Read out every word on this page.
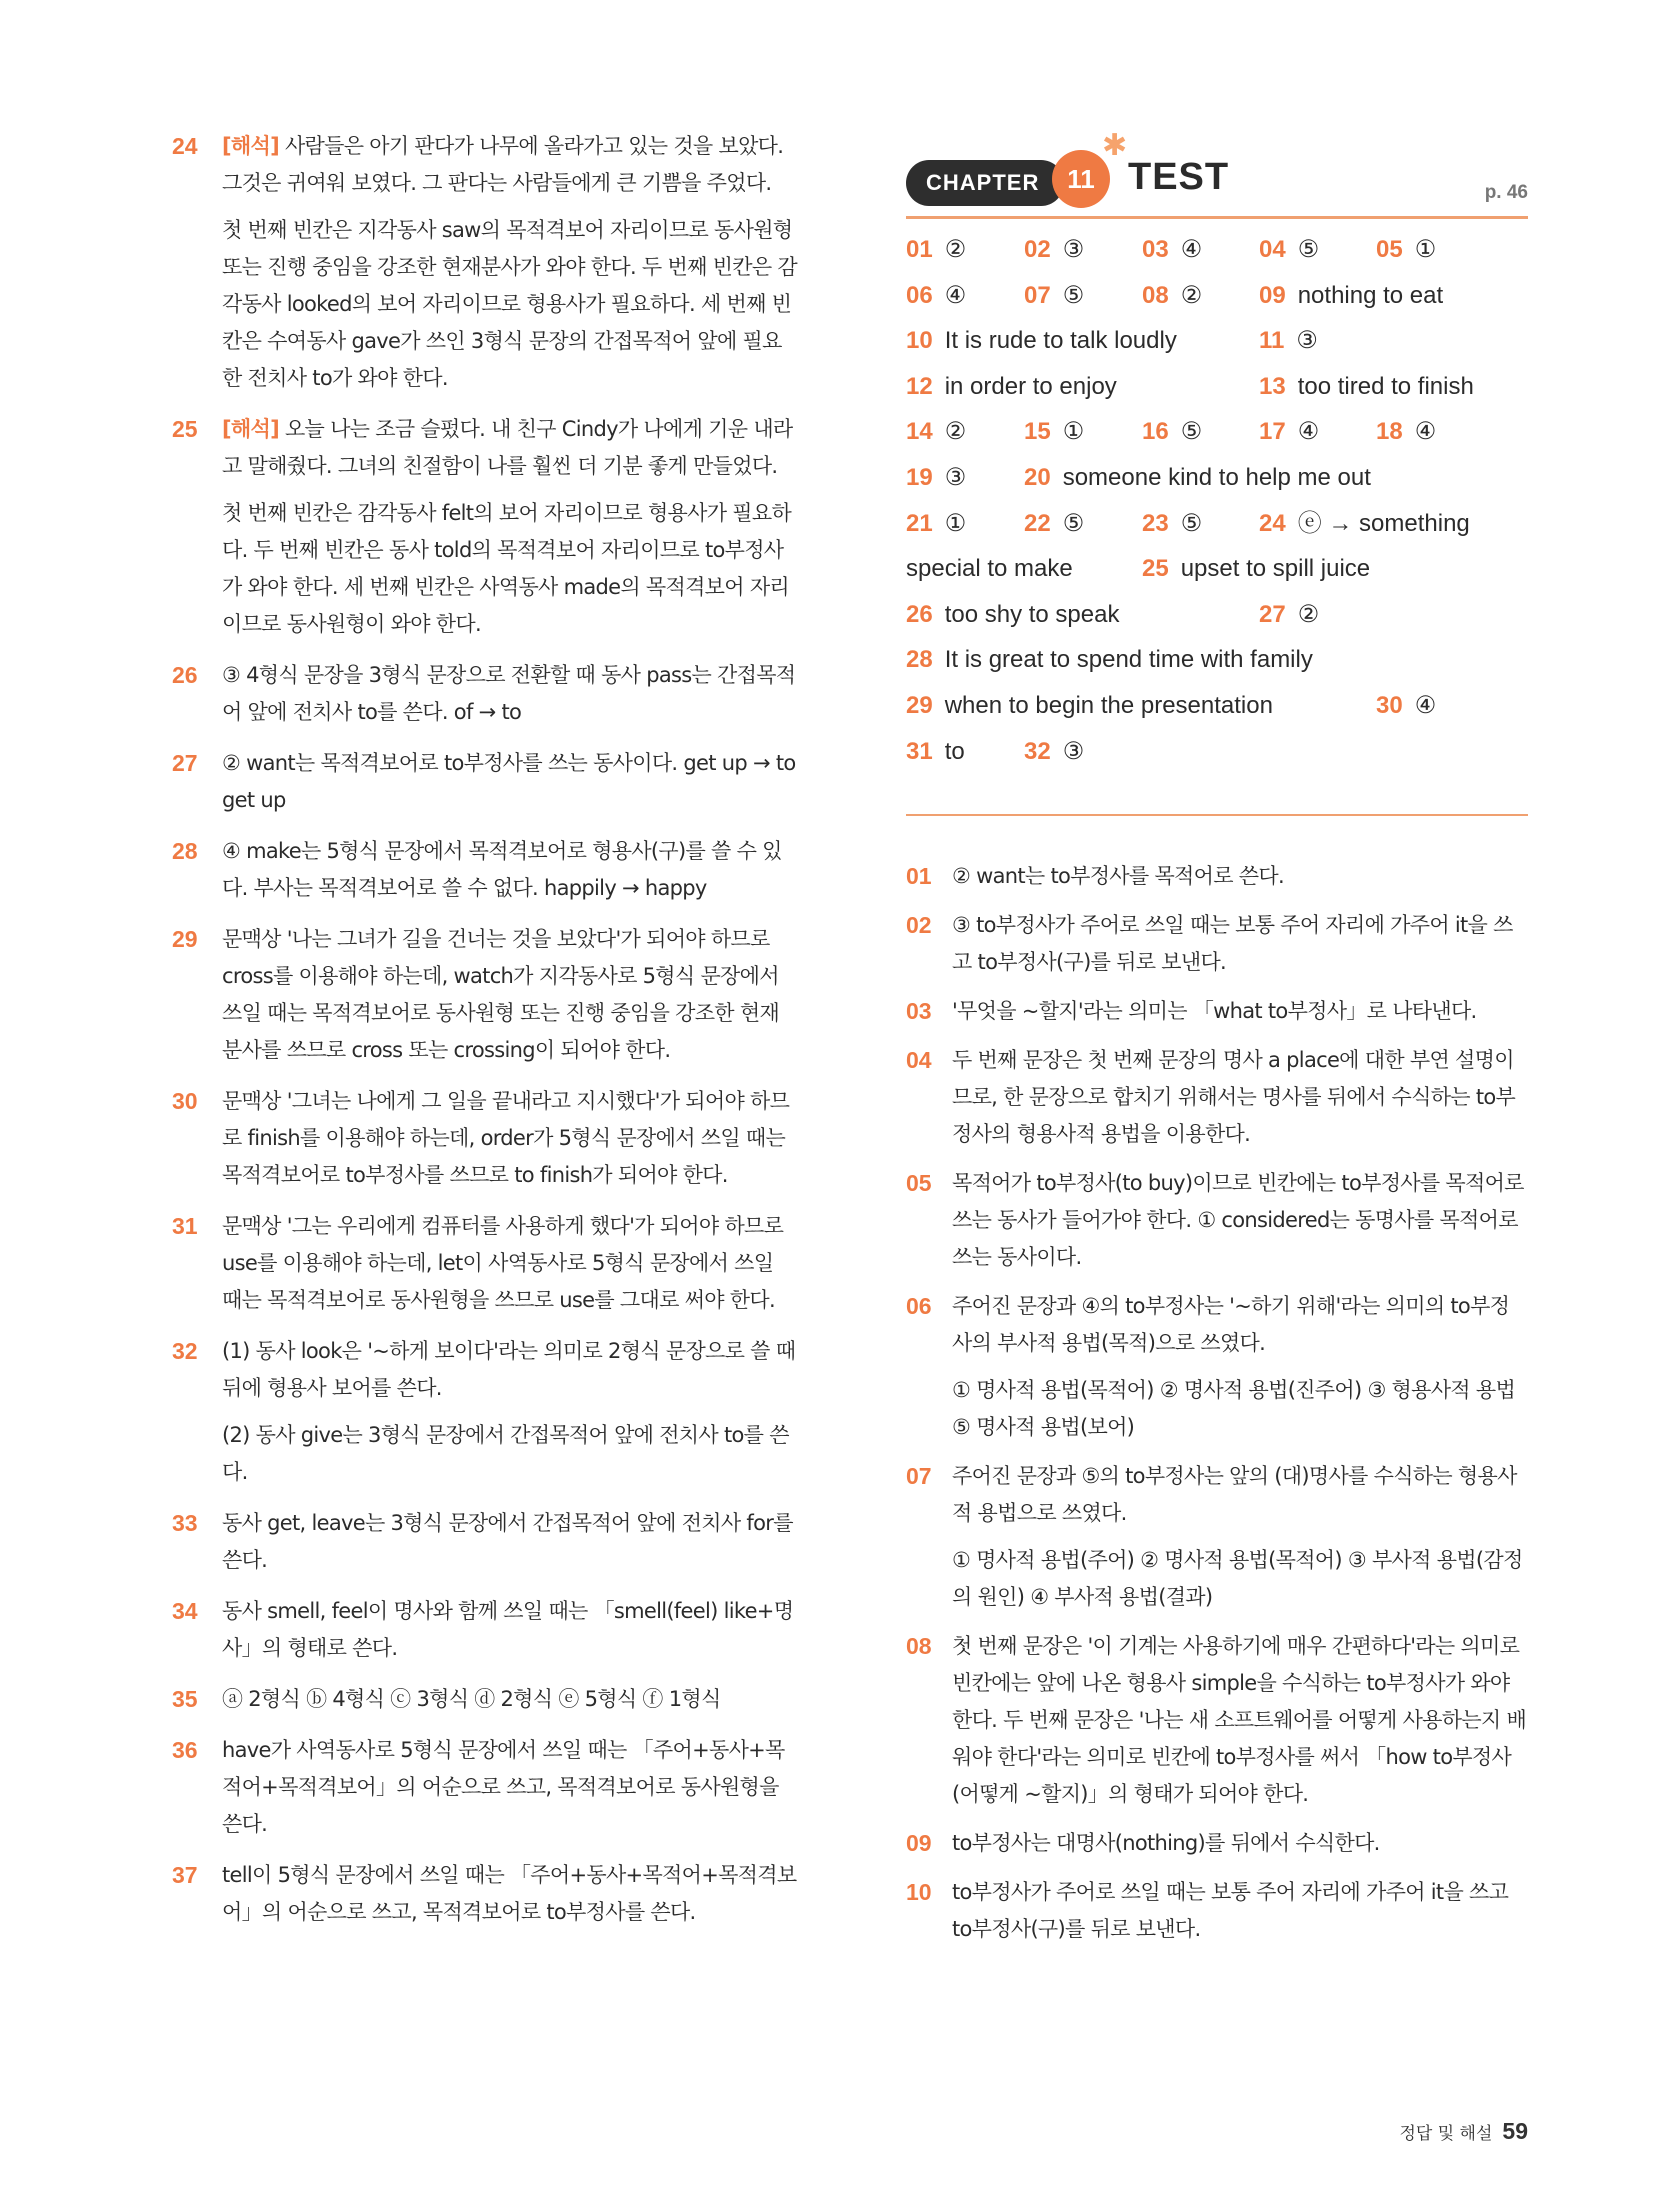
24	[해석] 사람들은 아기 판다가 나무에 올라가고 있는 것을 보았다. 그것은 귀여워 보였다. 그 판다는 사람들에게 큰 기쁨을 주었다.

첫 번째 빈칸은 지각동사 saw의 목적격보어 자리이므로 동사원형 또는 진행 중임을 강조한 현재분사가 와야 한다. 두 번째 빈칸은 감각동사 looked의 보어 자리이므로 형용사가 필요하다. 세 번째 빈칸은 수여동사 gave가 쓰인 3형식 문장의 간접목적어 앞에 필요한 전치사 to가 와야 한다.

25	[해석] 오늘 나는 조금 슬펐다. 내 친구 Cindy가 나에게 기운 내라고 말해줬다. 그녀의 친절함이 나를 훨씬 더 기분 좋게 만들었다.

첫 번째 빈칸은 감각동사 felt의 보어 자리이므로 형용사가 필요하다. 두 번째 빈칸은 동사 told의 목적격보어 자리이므로 to부정사가 와야 한다. 세 번째 빈칸은 사역동사 made의 목적격보어 자리이므로 동사원형이 와야 한다.

26	③ 4형식 문장을 3형식 문장으로 전환할 때 동사 pass는 간접목적어 앞에 전치사 to를 쓴다. of → to

27	② want는 목적격보어로 to부정사를 쓰는 동사이다. get up → to get up

28	④ make는 5형식 문장에서 목적격보어로 형용사(구)를 쓸 수 있다. 부사는 목적격보어로 쓸 수 없다. happily → happy

29	문맥상 '나는 그녀가 길을 건너는 것을 보았다'가 되어야 하므로 cross를 이용해야 하는데, watch가 지각동사로 5형식 문장에서 쓰일 때는 목적격보어로 동사원형 또는 진행 중임을 강조한 현재분사를 쓰므로 cross 또는 crossing이 되어야 한다.

30	문맥상 '그녀는 나에게 그 일을 끝내라고 지시했다'가 되어야 하므로 finish를 이용해야 하는데, order가 5형식 문장에서 쓰일 때는 목적격보어로 to부정사를 쓰므로 to finish가 되어야 한다.

31	문맥상 '그는 우리에게 컴퓨터를 사용하게 했다'가 되어야 하므로 use를 이용해야 하는데, let이 사역동사로 5형식 문장에서 쓰일 때는 목적격보어로 동사원형을 쓰므로 use를 그대로 써야 한다.

32	(1) 동사 look은 '~하게 보이다'라는 의미로 2형식 문장으로 쓸 때 뒤에 형용사 보어를 쓴다.

(2) 동사 give는 3형식 문장에서 간접목적어 앞에 전치사 to를 쓴다.

33	동사 get, leave는 3형식 문장에서 간접목적어 앞에 전치사 for를 쓴다.

34	동사 smell, feel이 명사와 함께 쓰일 때는 「smell(feel) like+명사」의 형태로 쓴다.

35	ⓐ 2형식 ⓑ 4형식 ⓒ 3형식 ⓓ 2형식 ⓔ 5형식 ⓕ 1형식

36	have가 사역동사로 5형식 문장에서 쓰일 때는 「주어+동사+목적어+목적격보어」의 어순으로 쓰고, 목적격보어로 동사원형을 쓴다.

37	tell이 5형식 문장에서 쓰일 때는 「주어+동사+목적어+목적격보어」의 어순으로 쓰고, 목적격보어로 to부정사를 쓴다.

CHAPTER	11
✱
TEST	p. 46
01 ② 02 ③ 03 ④ 04 ⑤ 05 ①
06 ④ 07 ⑤ 08 ② 09 nothing to eat
10 It is rude to talk loudly	11 ③
12 in order to enjoy	13 too tired to finish
14 ② 15 ① 16 ⑤ 17 ④ 18 ④
19 ③ 20 someone kind to help me out
21 ① 22 ⑤ 23 ⑤ 24 ⓔ → something
special to make	25 upset to spill juice
26 too shy to speak	27 ②
28 It is great to spend time with family
29 when to begin the presentation	30 ④
31 to 32 ③
01 ② want는 to부정사를 목적어로 쓴다.

02 ③ to부정사가 주어로 쓰일 때는 보통 주어 자리에 가주어 it을 쓰고 to부정사(구)를 뒤로 보낸다.

03 '무엇을 ~할지'라는 의미는 「what to부정사」로 나타낸다.

04 두 번째 문장은 첫 번째 문장의 명사 a place에 대한 부연 설명이므로, 한 문장으로 합치기 위해서는 명사를 뒤에서 수식하는 to부정사의 형용사적 용법을 이용한다.

05 목적어가 to부정사(to buy)이므로 빈칸에는 to부정사를 목적어로 쓰는 동사가 들어가야 한다. ① considered는 동명사를 목적어로 쓰는 동사이다.

06 주어진 문장과 ④의 to부정사는 '~하기 위해'라는 의미의 to부정사의 부사적 용법(목적)으로 쓰였다.

① 명사적 용법(목적어) ② 명사적 용법(진주어) ③ 형용사적 용법 ⑤ 명사적 용법(보어)

07 주어진 문장과 ⑤의 to부정사는 앞의 (대)명사를 수식하는 형용사적 용법으로 쓰였다.

① 명사적 용법(주어) ② 명사적 용법(목적어) ③ 부사적 용법(감정의 원인) ④ 부사적 용법(결과)

08 첫 번째 문장은 '이 기계는 사용하기에 매우 간편하다'라는 의미로 빈칸에는 앞에 나온 형용사 simple을 수식하는 to부정사가 와야 한다. 두 번째 문장은 '나는 새 소프트웨어를 어떻게 사용하는지 배워야 한다'라는 의미로 빈칸에 to부정사를 써서 「how to부정사(어떻게 ~할지)」의 형태가 되어야 한다.

09 to부정사는 대명사(nothing)를 뒤에서 수식한다.

10 to부정사가 주어로 쓰일 때는 보통 주어 자리에 가주어 it을 쓰고 to부정사(구)를 뒤로 보낸다.

정답 및 해설 59
